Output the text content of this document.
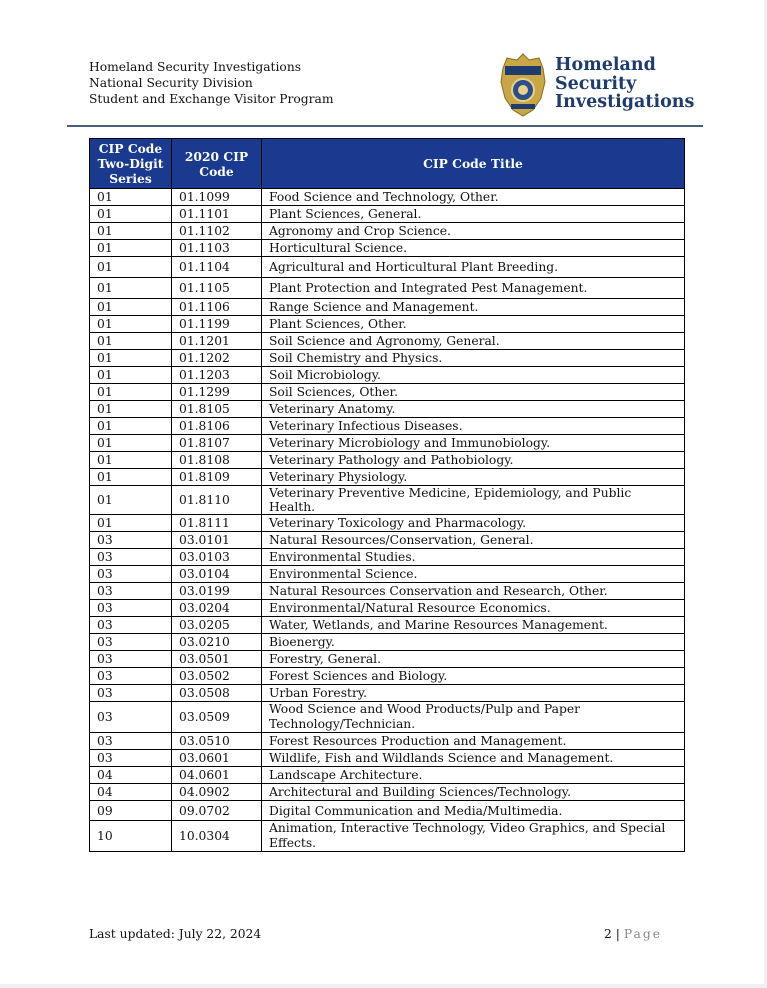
Homeland Security Investigations
National Security Division
Student and Exchange Visitor Program
Homeland
Security
Investigations
CIP Code Two-Digit Series	2020 CIP Code	CIP Code Title
01	01.1099	Food Science and Technology, Other.
01	01.1101	Plant Sciences, General.
01	01.1102	Agronomy and Crop Science.
01	01.1103	Horticultural Science.
01	01.1104	Agricultural and Horticultural Plant Breeding.
01	01.1105	Plant Protection and Integrated Pest Management.
01	01.1106	Range Science and Management.
01	01.1199	Plant Sciences, Other.
01	01.1201	Soil Science and Agronomy, General.
01	01.1202	Soil Chemistry and Physics.
01	01.1203	Soil Microbiology.
01	01.1299	Soil Sciences, Other.
01	01.8105	Veterinary Anatomy.
01	01.8106	Veterinary Infectious Diseases.
01	01.8107	Veterinary Microbiology and Immunobiology.
01	01.8108	Veterinary Pathology and Pathobiology.
01	01.8109	Veterinary Physiology.
01	01.8110	Veterinary Preventive Medicine, Epidemiology, and Public Health.
01	01.8111	Veterinary Toxicology and Pharmacology.
03	03.0101	Natural Resources/Conservation, General.
03	03.0103	Environmental Studies.
03	03.0104	Environmental Science.
03	03.0199	Natural Resources Conservation and Research, Other.
03	03.0204	Environmental/Natural Resource Economics.
03	03.0205	Water, Wetlands, and Marine Resources Management.
03	03.0210	Bioenergy.
03	03.0501	Forestry, General.
03	03.0502	Forest Sciences and Biology.
03	03.0508	Urban Forestry.
03	03.0509	Wood Science and Wood Products/Pulp and Paper Technology/Technician.
03	03.0510	Forest Resources Production and Management.
03	03.0601	Wildlife, Fish and Wildlands Science and Management.
04	04.0601	Landscape Architecture.
04	04.0902	Architectural and Building Sciences/Technology.
09	09.0702	Digital Communication and Media/Multimedia.
10	10.0304	Animation, Interactive Technology, Video Graphics, and Special Effects.
Last updated: July 22, 2024	2 | Page
